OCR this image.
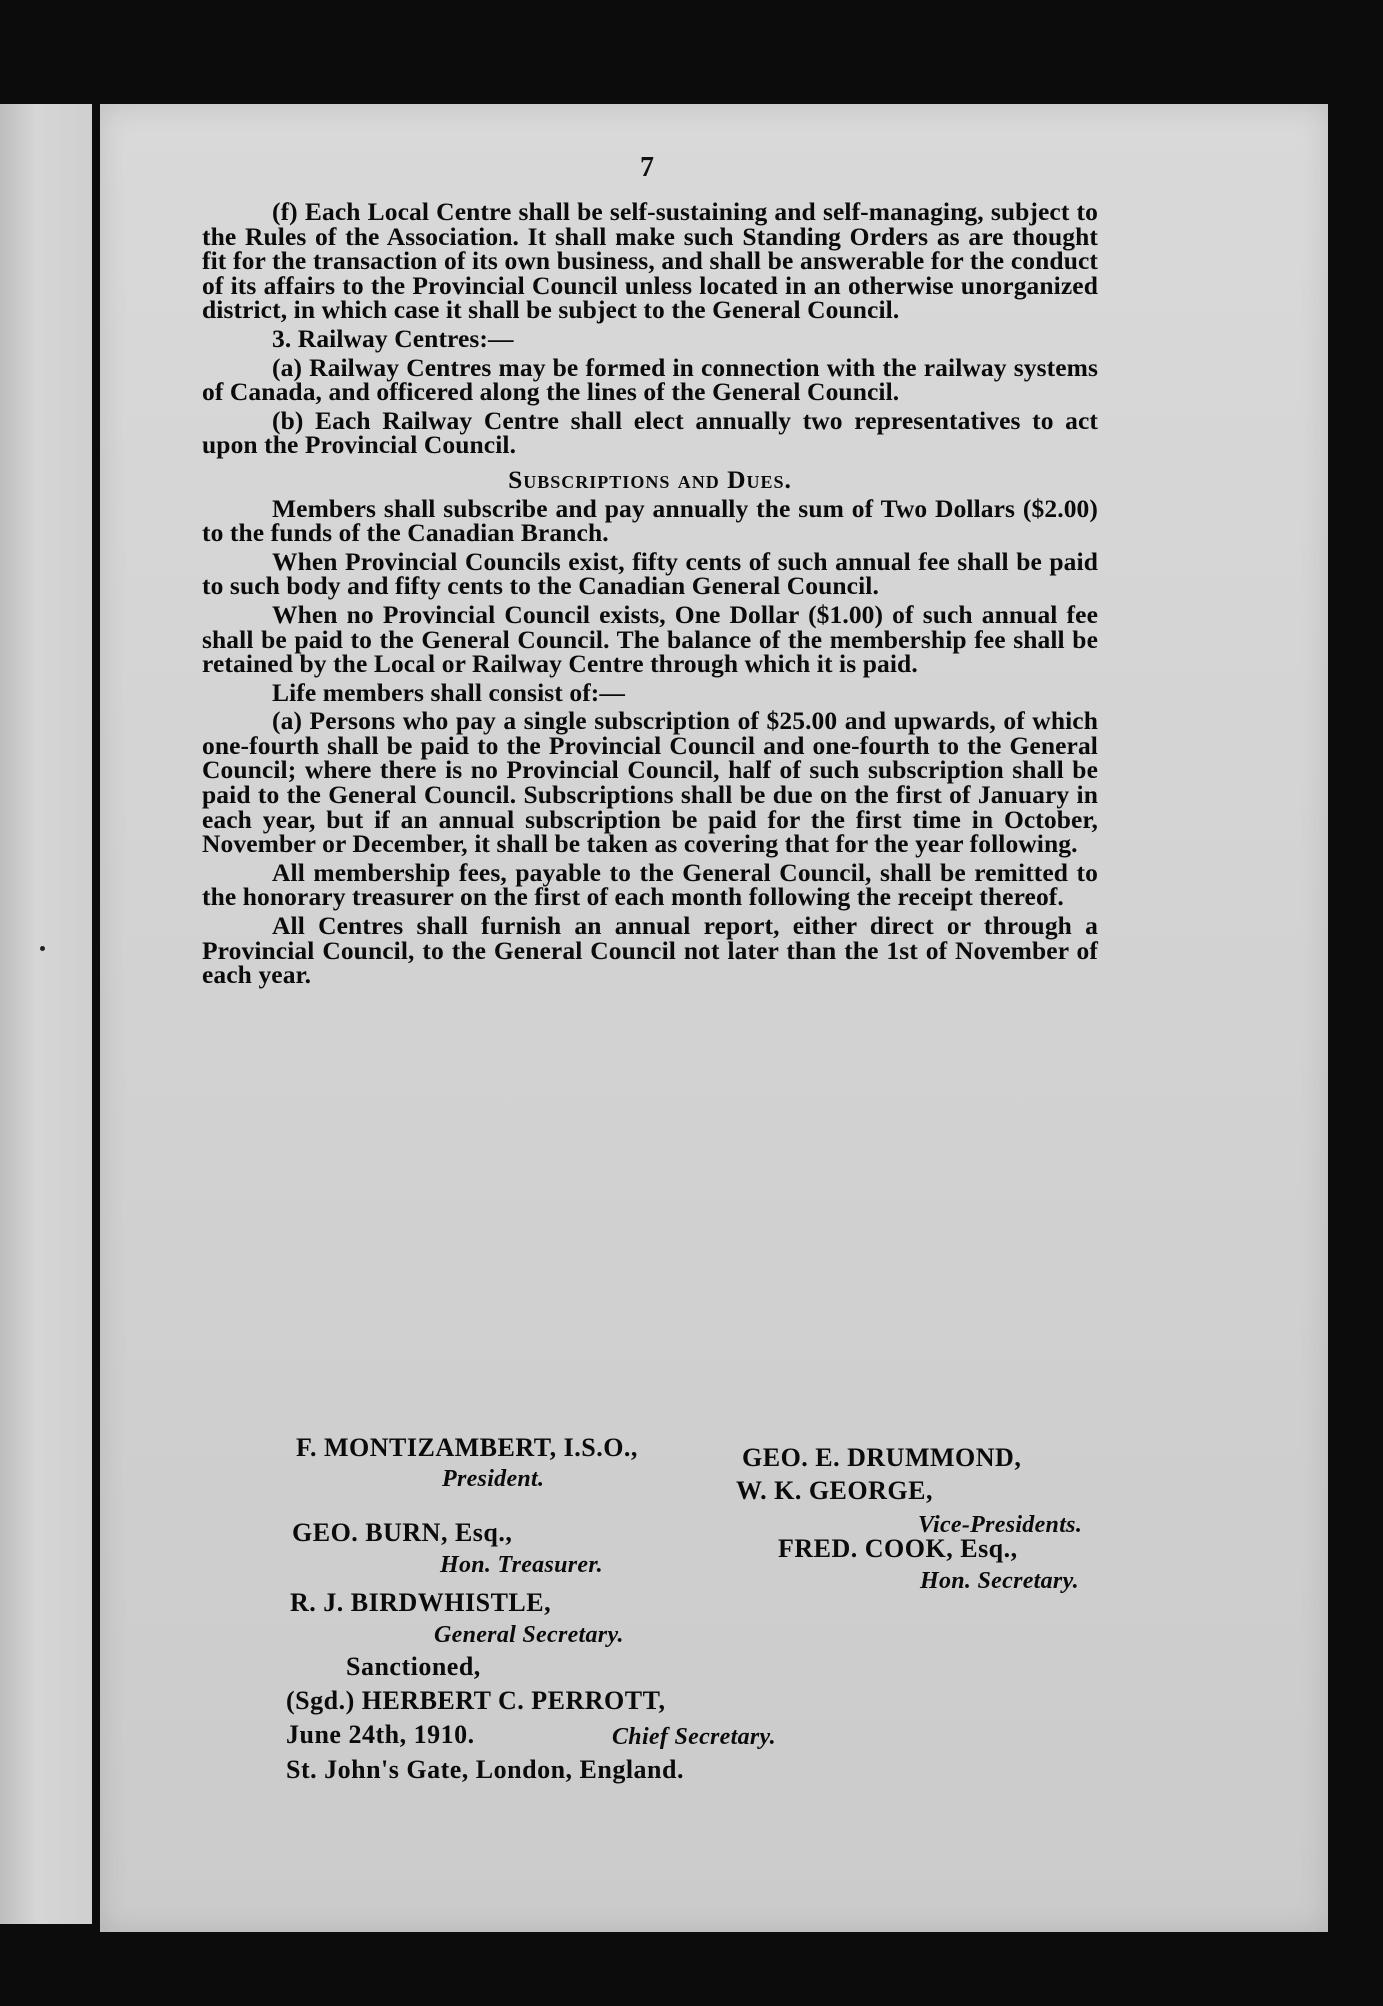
7

(f) Each Local Centre shall be self-sustaining and self-managing, subject to the Rules of the Association. It shall make such Standing Orders as are thought fit for the transaction of its own business, and shall be answerable for the conduct of its affairs to the Provincial Council unless located in an otherwise unorganized district, in which case it shall be subject to the General Council.

3. Railway Centres:—

(a) Railway Centres may be formed in connection with the railway systems of Canada, and officered along the lines of the General Council.

(b) Each Railway Centre shall elect annually two representatives to act upon the Provincial Council.

Subscriptions and Dues.

Members shall subscribe and pay annually the sum of Two Dollars ($2.00) to the funds of the Canadian Branch.

When Provincial Councils exist, fifty cents of such annual fee shall be paid to such body and fifty cents to the Canadian General Council.

When no Provincial Council exists, One Dollar ($1.00) of such annual fee shall be paid to the General Council. The balance of the membership fee shall be retained by the Local or Railway Centre through which it is paid.

Life members shall consist of:—

(a) Persons who pay a single subscription of $25.00 and upwards, of which one-fourth shall be paid to the Provincial Council and one-fourth to the General Council; where there is no Provincial Council, half of such subscription shall be paid to the General Council. Subscriptions shall be due on the first of January in each year, but if an annual subscription be paid for the first time in October, November or December, it shall be taken as covering that for the year following.

All membership fees, payable to the General Council, shall be remitted to the honorary treasurer on the first of each month following the receipt thereof.

All Centres shall furnish an annual report, either direct or through a Provincial Council, to the General Council not later than the 1st of November of each year.

F. MONTIZAMBERT, I.S.O.,
President.
GEO. E. DRUMMOND,
W. K. GEORGE,
Vice-Presidents.
GEO. BURN, Esq.,
Hon. Treasurer.
FRED. COOK, Esq.,
Hon. Secretary.
R. J. BIRDWHISTLE,
General Secretary.
Sanctioned,
(Sgd.) HERBERT C. PERROTT,
June 24th, 1910.	Chief Secretary.
St. John's Gate, London, England.
